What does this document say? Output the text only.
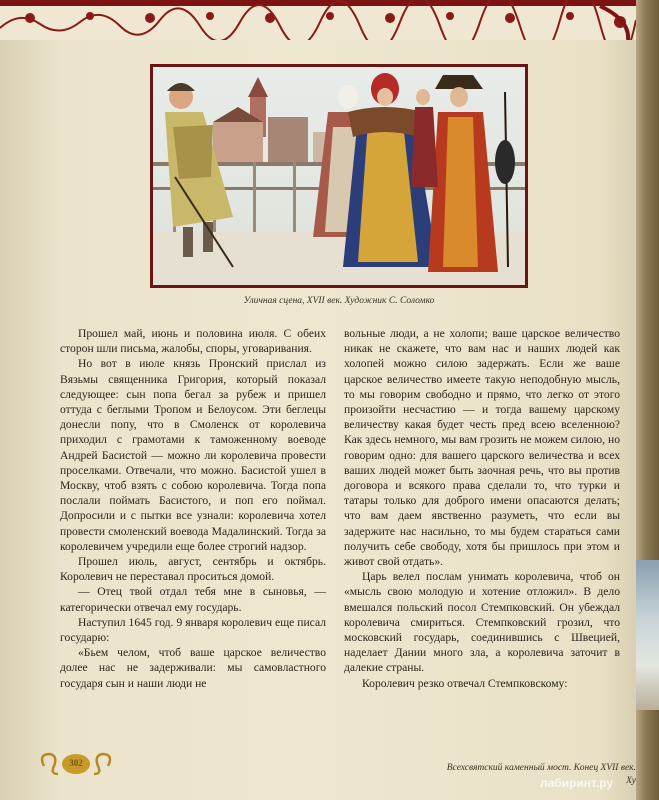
Уличная сцена, XVII век. Художник С. Соломко

Прошел май, июнь и половина июля. С обеих сторон шли письма, жалобы, споры, уговаривания.

Но вот в июле князь Пронский прислал из Вязьмы священника Григория, который показал следующее: сын попа бегал за рубеж и пришел оттуда с беглыми Тропом и Белоусом. Эти беглецы донесли попу, что в Смоленск от королевича приходил с грамотами к таможенному воеводе Андрей Басистой — можно ли королевича провести проселками. Отвечали, что можно. Басистой ушел в Москву, чтоб взять с собою королевича. Тогда попа послали поймать Басистого, и поп его поймал. Допросили и с пытки все узнали: королевича хотел провести смоленский воевода Мадалинский. Тогда за королевичем учредили еще более строгий надзор.

Прошел июль, август, сентябрь и октябрь. Королевич не переставал проситься домой.

— Отец твой отдал тебя мне в сыновья, — категорически отвечал ему государь.

Наступил 1645 год. 9 января королевич еще писал государю:

«Бьем челом, чтоб ваше царское величество долее нас не задерживали: мы самовластного государя сын и наши люди не

вольные люди, а не холопи; ваше царское величество никак не скажете, что вам нас и наших людей как холопей можно силою задержать. Если же ваше царское величество имеете такую неподобную мысль, то мы говорим свободно и прямо, что легко от этого произойти несчастию — и тогда вашему царскому величеству какая будет честь пред всею вселенною? Как здесь немного, мы вам грозить не можем силою, но говорим одно: для вашего царского величества и всех ваших людей может быть заочная речь, что вы против договора и всякого права сделали то, что турки и татары только для доброго имени опасаются делать; что вам даем явственно разуметь, что если вы задержите нас насильно, то мы будем стараться сами получить себе свободу, хотя бы пришлось при этом и живот свой отдать».

Царь велел послам унимать королевича, чтоб он «мысль свою молодую и хотение отложил». В дело вмешался польский посол Стемпковский. Он убеждал королевича смириться. Стемпковский грозил, что московский государь, соединившись с Швецией, наделает Дании много зла, а королевича заточит в далекие страны.

Королевич резко отвечал Стемпковскому:

302	Всехсвятский каменный мост. Конец XVII век.
Ху
лабиринт.ру
